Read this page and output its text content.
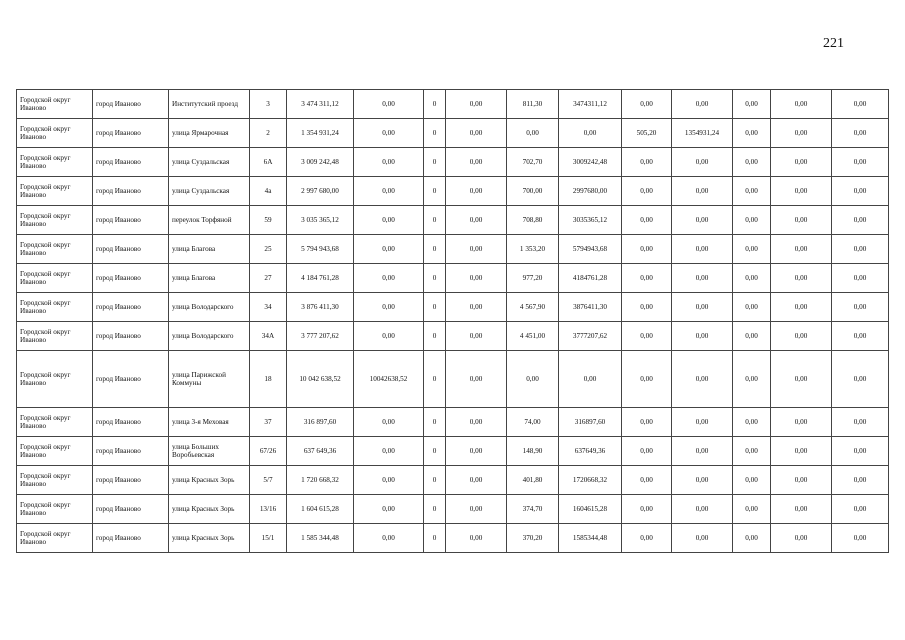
221
Городской округ Иваново	город Иваново	Институтский проезд	3	3 474 311,12	0,00	0	0,00	811,30	3474311,12	0,00	0,00	0,00	0,00	0,00
Городской округ Иваново	город Иваново	улица Ярмарочная	2	1 354 931,24	0,00	0	0,00	0,00	0,00	505,20	1354931,24	0,00	0,00	0,00
Городской округ Иваново	город Иваново	улица Суздальская	6А	3 009 242,48	0,00	0	0,00	702,70	3009242,48	0,00	0,00	0,00	0,00	0,00
Городской округ Иваново	город Иваново	улица Суздальская	4а	2 997 680,00	0,00	0	0,00	700,00	2997680,00	0,00	0,00	0,00	0,00	0,00
Городской округ Иваново	город Иваново	переулок Торфяной	59	3 035 365,12	0,00	0	0,00	708,80	3035365,12	0,00	0,00	0,00	0,00	0,00
Городской округ Иваново	город Иваново	улица Благова	25	5 794 943,68	0,00	0	0,00	1 353,20	5794943,68	0,00	0,00	0,00	0,00	0,00
Городской округ Иваново	город Иваново	улица Благова	27	4 184 761,28	0,00	0	0,00	977,20	4184761,28	0,00	0,00	0,00	0,00	0,00
Городской округ Иваново	город Иваново	улица Володарского	34	3 876 411,30	0,00	0	0,00	4 567,90	3876411,30	0,00	0,00	0,00	0,00	0,00
Городской округ Иваново	город Иваново	улица Володарского	34А	3 777 207,62	0,00	0	0,00	4 451,00	3777207,62	0,00	0,00	0,00	0,00	0,00
Городской округ Иваново	город Иваново	улица Парижской Коммуны	18	10 042 638,52	10042638,52	0	0,00	0,00	0,00	0,00	0,00	0,00	0,00	0,00
Городской округ Иваново	город Иваново	улица 3-я Меховая	37	316 897,60	0,00	0	0,00	74,00	316897,60	0,00	0,00	0,00	0,00	0,00
Городской округ Иваново	город Иваново	улица Больших Воробьевская	67/26	637 649,36	0,00	0	0,00	148,90	637649,36	0,00	0,00	0,00	0,00	0,00
Городской округ Иваново	город Иваново	улица Красных Зорь	5/7	1 720 668,32	0,00	0	0,00	401,80	1720668,32	0,00	0,00	0,00	0,00	0,00
Городской округ Иваново	город Иваново	улица Красных Зорь	13/16	1 604 615,28	0,00	0	0,00	374,70	1604615,28	0,00	0,00	0,00	0,00	0,00
Городской округ Иваново	город Иваново	улица Красных Зорь	15/1	1 585 344,48	0,00	0	0,00	370,20	1585344,48	0,00	0,00	0,00	0,00	0,00
